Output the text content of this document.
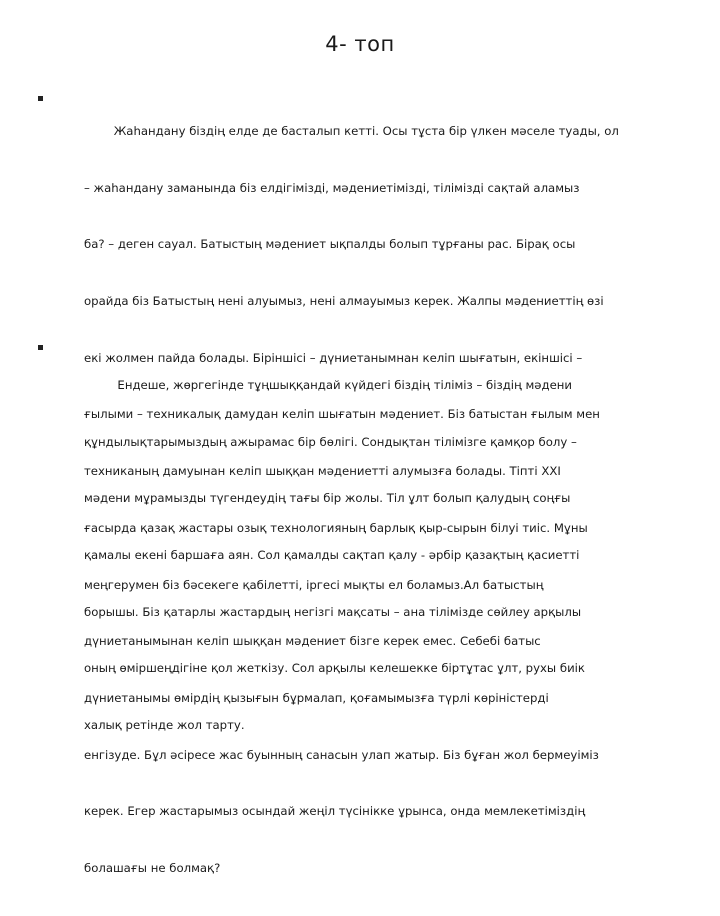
4- топ

Жаһандану біздің елде де басталып кетті. Осы тұста бір үлкен мәселе туады, ол

– жаһандану заманында біз елдігімізді, мәдениетімізді, тілімізді сақтай аламыз

ба? – деген сауал. Батыстың мәдениет ықпалды болып тұрғаны рас. Бірақ осы

орайда біз Батыстың нені алуымыз, нені алмауымыз керек. Жалпы мәдениеттің өзі

екі жолмен пайда болады. Біріншісі – дүниетанымнан келіп шығатын, екіншісі –

ғылыми – техникалық дамудан келіп шығатын мәдениет. Біз батыстан ғылым мен

техниканың дамуынан келіп шыққан мәдениетті алумызға болады. Тіпті XXI

ғасырда қазақ жастары озық технологияның барлық қыр-сырын білуі тиіс. Мұны

меңгерумен біз бәсекеге қабілетті, іргесі мықты ел боламыз.Ал батыстың

дүниетанымынан келіп шыққан мәдениет бізге керек емес. Себебі батыс

дүниетанымы өмірдің қызығын бұрмалап, қоғамымызға түрлі көріністерді

енгізуде. Бұл әсіресе жас буынның санасын улап жатыр. Біз бұған жол бермеуіміз

керек. Егер жастарымыз осындай жеңіл түсінікке ұрынса, онда мемлекетіміздің

болашағы не болмақ?

Ендеше, жөргегінде тұңшыққандай күйдегі біздің тіліміз – біздің мәдени

құндылықтарымыздың ажырамас бір бөлігі. Сондықтан тілімізге қамқор болу –

мәдени мұрамызды түгендеудің тағы бір жолы. Тіл ұлт болып қалудың соңғы

қамалы екені баршаға аян. Сол қамалды сақтап қалу - әрбір қазақтың қасиетті

борышы. Біз қатарлы жастардың негізгі мақсаты – ана тілімізде сөйлеу арқылы

оның өміршеңдігіне қол жеткізу. Сол арқылы келешекке біртұтас ұлт, рухы биік

халық ретінде жол тарту.
